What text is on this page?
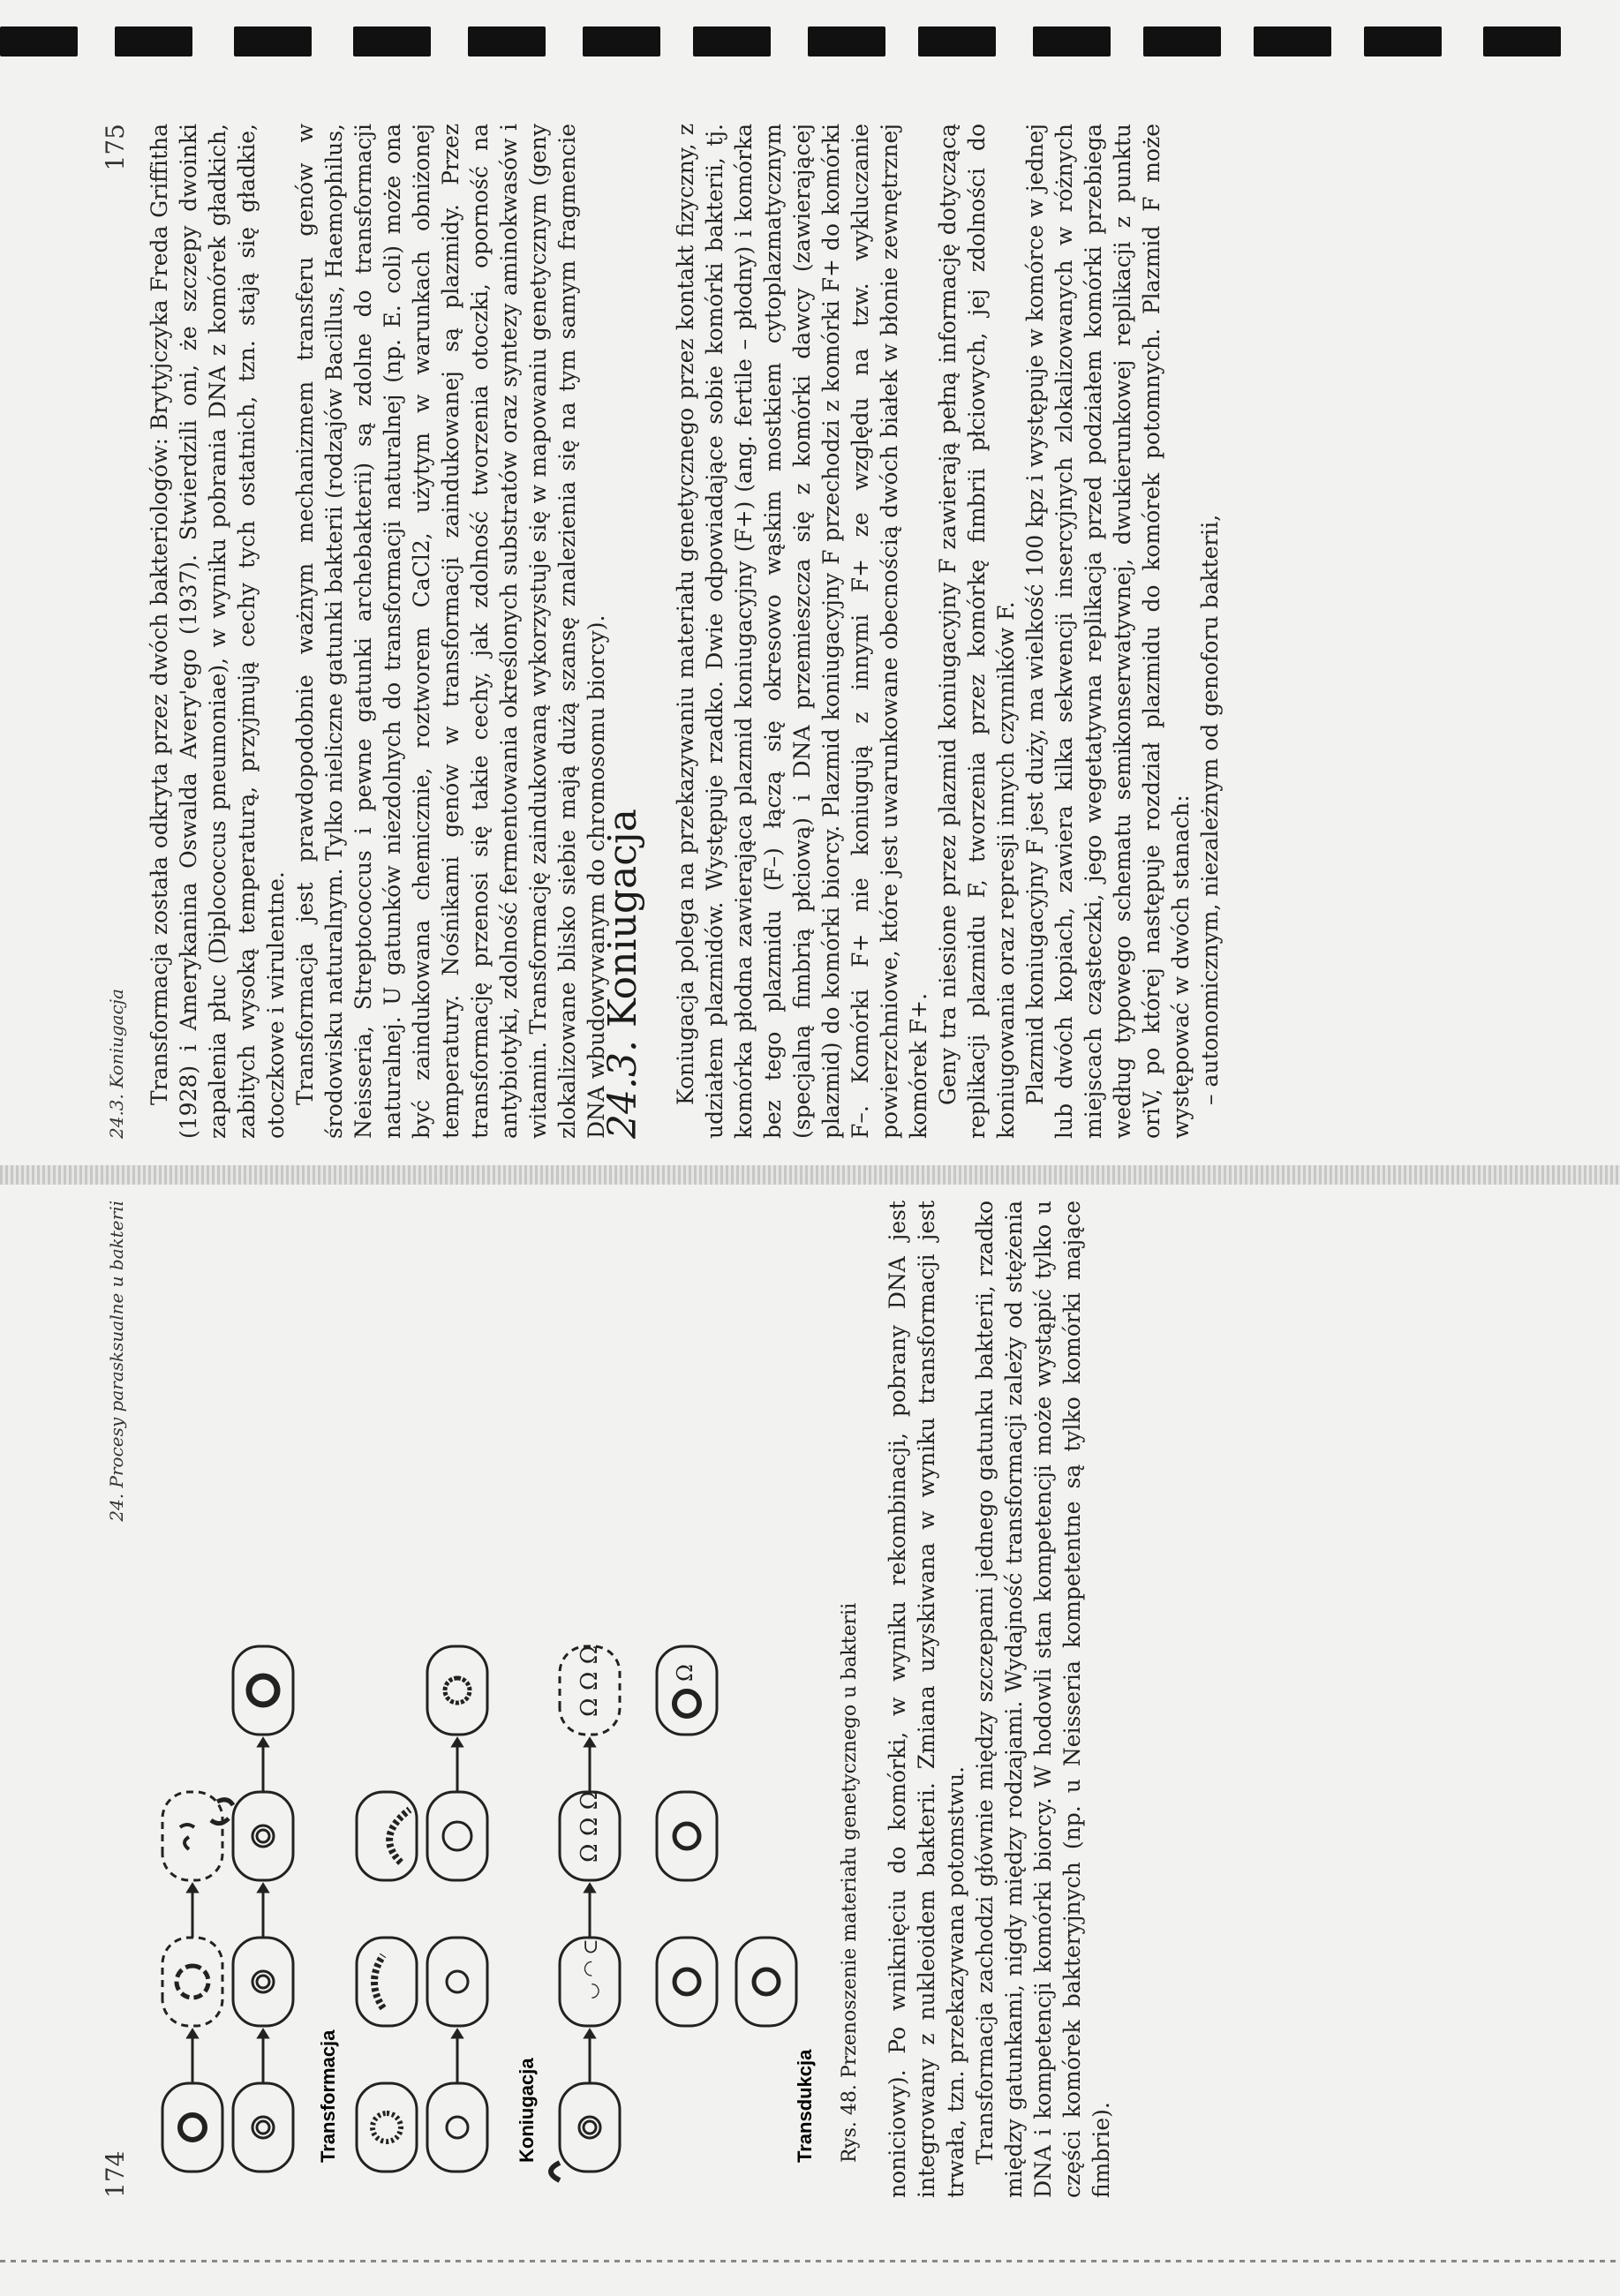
24.3. Koniugacja
175 Transformacja została odkryta przez dwóch bakteriologów: Brytyjczyka Freda Griffitha (1928) i Amerykanina Oswalda Avery'ego (1937). Stwierdzili oni, że szczepy dwoinki zapalenia płuc (Diplococcus pneumoniae), w wyniku pobrania DNA z komórek gładkich, zabitych wysoką temperaturą, przyjmują cechy tych ostatnich, tzn. stają się gładkie, otoczkowe i wirulentne. Transformacja jest prawdopodobnie ważnym mechanizmem transferu genów w środowisku naturalnym. Tylko nieliczne gatunki bakterii (rodzajów Bacillus, Haemophilus, Neisseria, Streptococcus i pewne gatunki archebakterii) są zdolne do transformacji naturalnej. U gatunków niezdolnych do transformacji naturalnej (np. E. coli) może ona być zaindukowana chemicznie, roztworem CaCl2, użytym w warunkach obniżonej temperatury. Nośnikami genów w transformacji zaindukowanej są plazmidy. Przez transformację przenosi się takie cechy, jak zdolność tworzenia otoczki, oporność na antybiotyki, zdolność fermentowania określonych substratów oraz syntezy aminokwasów i witamin. Transformację zaindukowaną wykorzystuje się w mapowaniu genetycznym (geny zlokalizowane blisko siebie mają dużą szansę znalezienia się na tym samym fragmencie DNA wbudowywanym do chromosomu biorcy).

24.3. Koniugacja Koniugacja polega na przekazywaniu materiału genetycznego przez kontakt fizyczny, z udziałem plazmidów. Występuje rzadko. Dwie odpowiadające sobie komórki bakterii, tj. komórka płodna zawierająca plazmid koniugacyjny (F+) (ang. fertile – płodny) i komórka bez tego plazmidu (F–) łączą się okresowo wąskim mostkiem cytoplazmatycznym (specjalną fimbrią płciową) i DNA przemieszcza się z komórki dawcy (zawierającej plazmid) do komórki biorcy. Plazmid koniugacyjny F przechodzi z komórki F+ do komórki F–. Komórki F+ nie koniugują z innymi F+ ze względu na tzw. wykluczanie powierzchniowe, które jest uwarunkowane obecnością dwóch białek w błonie zewnętrznej komórek F+. Geny tra niesione przez plazmid koniugacyjny F zawierają pełną informację dotyczącą replikacji plazmidu F, tworzenia przez komórkę fimbrii płciowych, jej zdolności do koniugowania oraz represji innych czynników F. Plazmid koniugacyjny F jest duży, ma wielkość 100 kpz i występuje w komórce w jednej lub dwóch kopiach, zawiera kilka sekwencji insercyjnych zlokalizowanych w różnych miejscach cząsteczki, jego wegetatywna replikacja przed podziałem komórki przebiega według typowego schematu semikonserwatywnej, dwukierunkowej replikacji z punktu oriV, po której następuje rozdział plazmidu do komórek potomnych. Plazmid F może występować w dwóch stanach: – autonomicznym, niezależnym od genoforu bakterii,

174
24. Procesy parasksualne u bakterii
◡ ◜◝ ⊂
Ω Ω Ω
Ω Ω Ω	Ω
Transformacja	Koniugacja	Transdukcja Rys. 48. Przenoszenie materiału genetycznego u bakterii noniciowy). Po wniknięciu do komórki, w wyniku rekombinacji, pobrany DNA jest integrowany z nukleoidem bakterii. Zmiana uzyskiwana w wyniku transformacji jest trwała, tzn. przekazywana potomstwu. Transformacja zachodzi głównie między szczepami jednego gatunku bakterii, rzadko między gatunkami, nigdy między rodzajami. Wydajność transformacji zależy od stężenia DNA i kompetencji komórki biorcy. W hodowli stan kompetencji może wystąpić tylko u części komórek bakteryjnych (np. u Neisseria kompetentne są tylko komórki mające fimbrie).
